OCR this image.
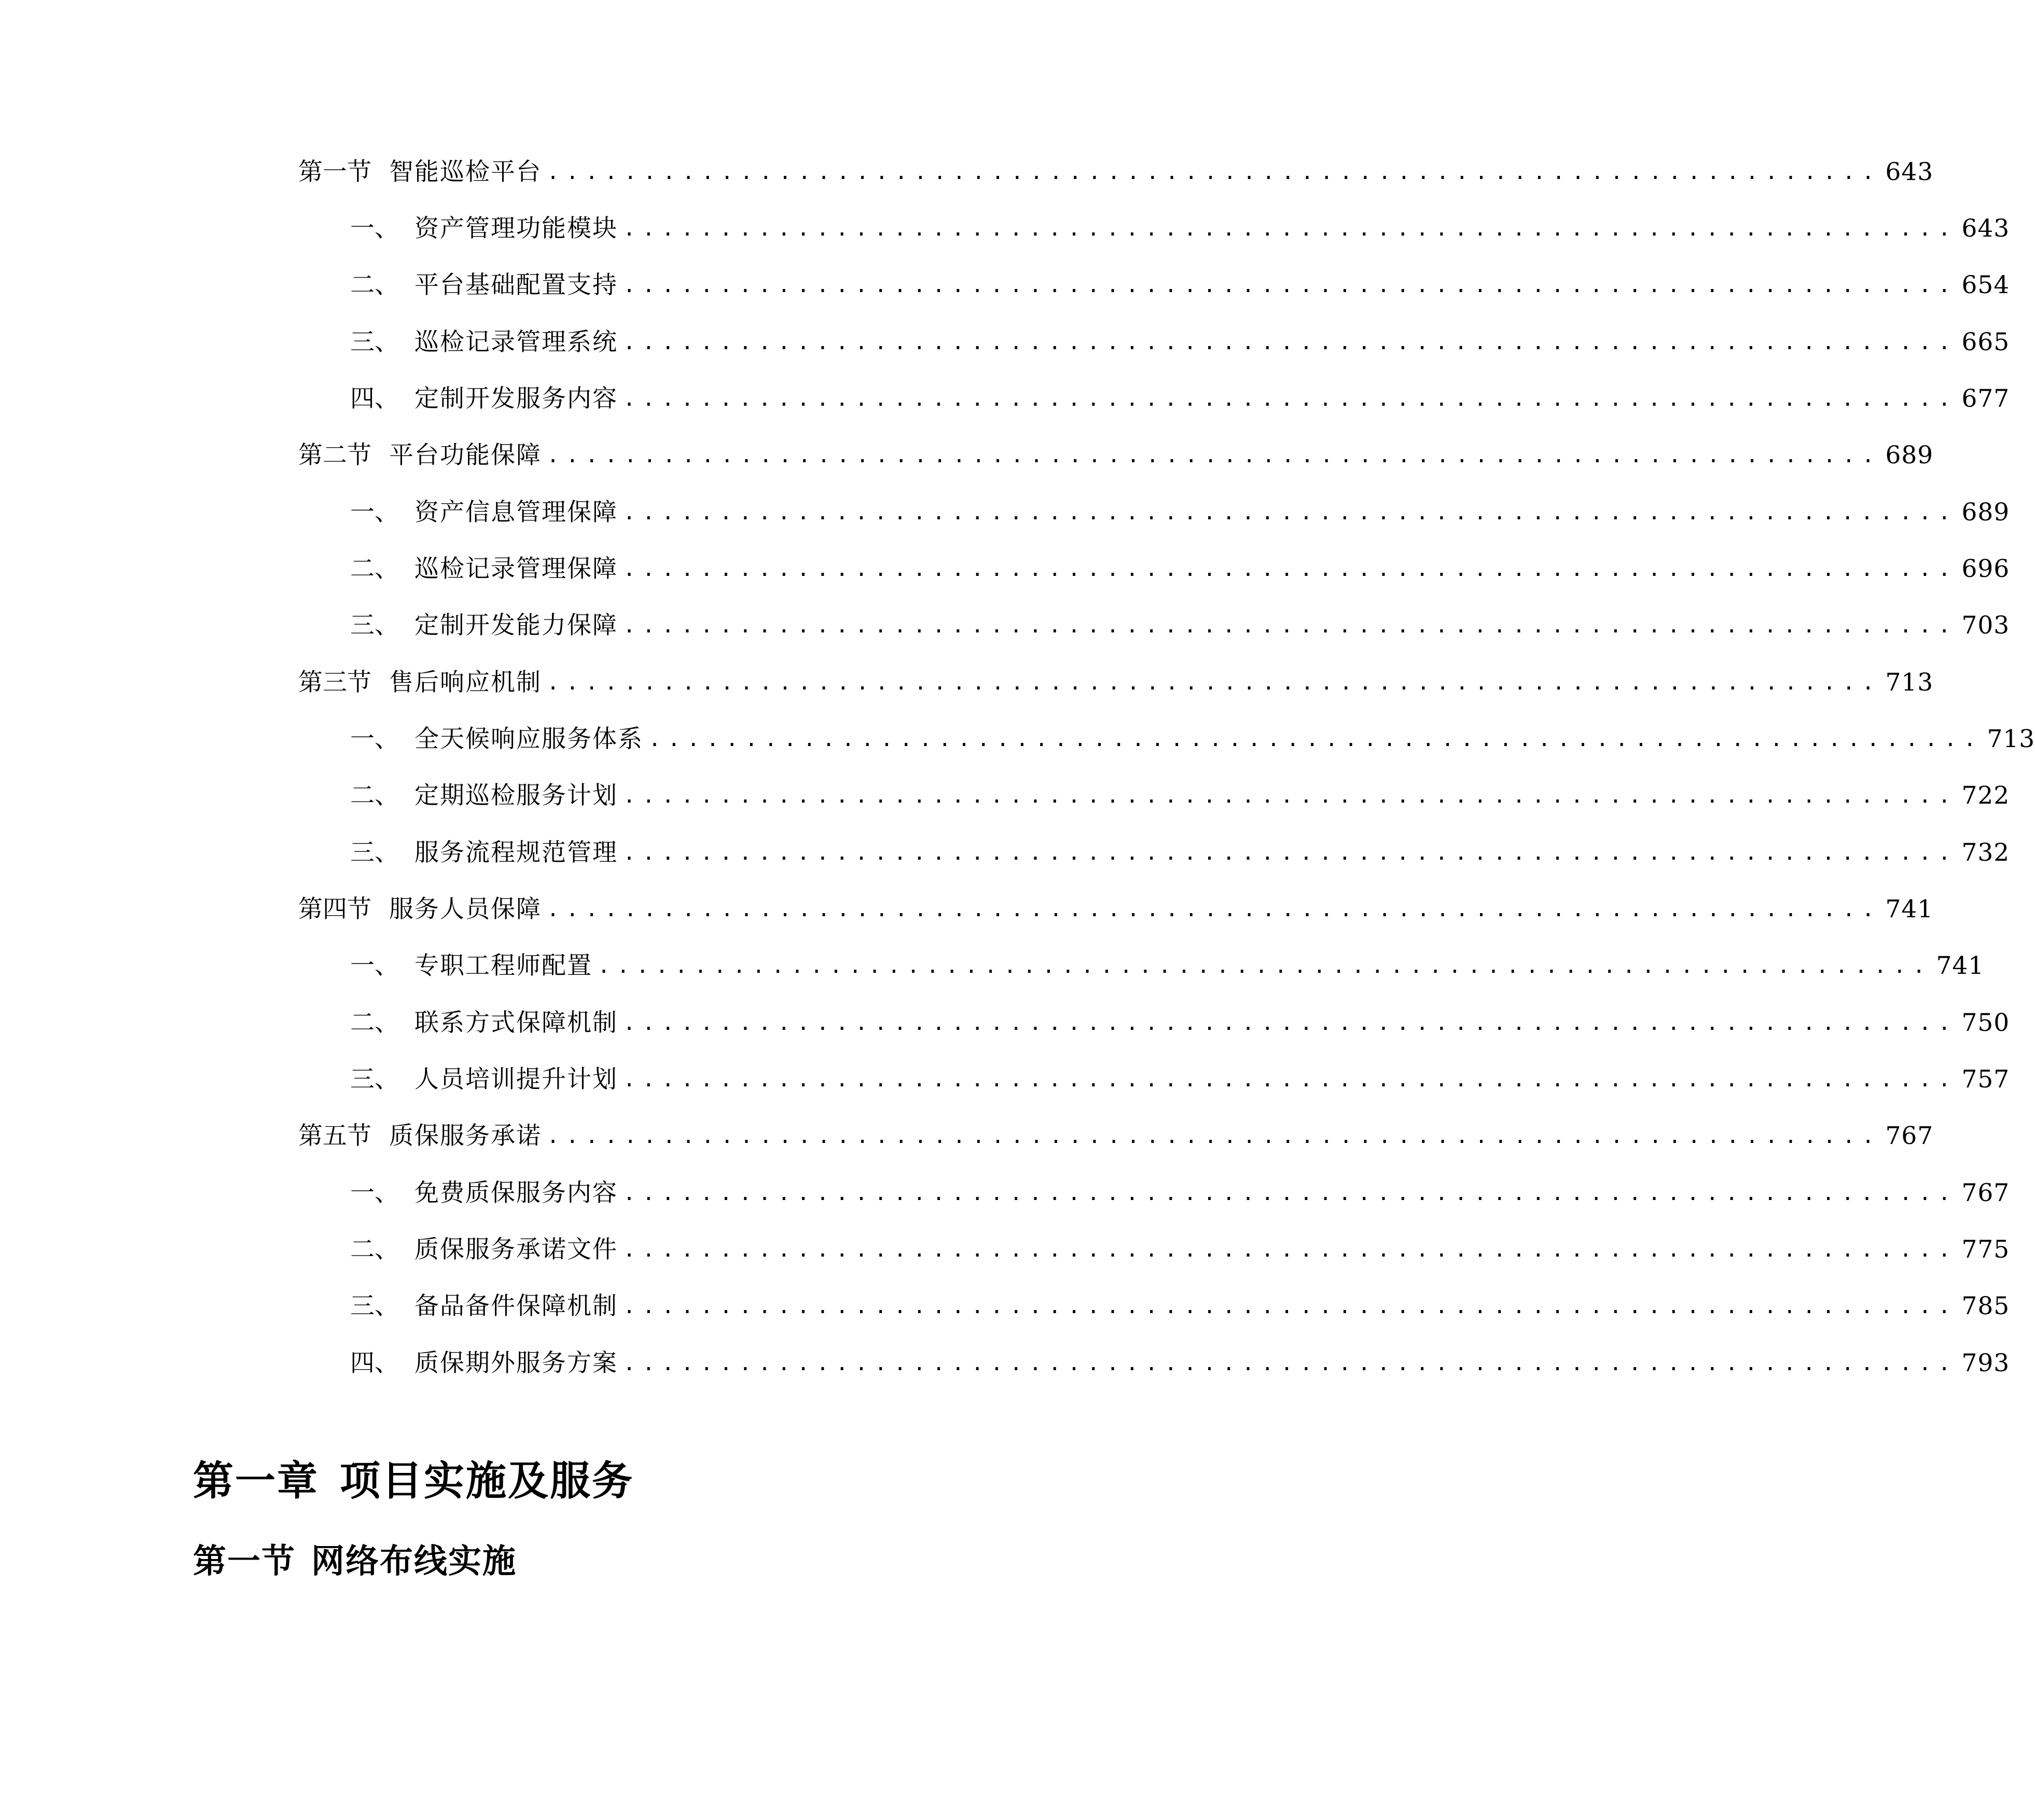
第一节 智能巡检平台 ..................................................................... 643
一、 资产管理功能模块 ..................................................................... 643
二、 平台基础配置支持 ..................................................................... 654
三、 巡检记录管理系统 ..................................................................... 665
四、 定制开发服务内容 ..................................................................... 677
第二节 平台功能保障 ..................................................................... 689
一、 资产信息管理保障 ..................................................................... 689
二、 巡检记录管理保障 ..................................................................... 696
三、 定制开发能力保障 ..................................................................... 703
第三节 售后响应机制 ..................................................................... 713
一、 全天候响应服务体系 ..................................................................... 713
二、 定期巡检服务计划 ..................................................................... 722
三、 服务流程规范管理 ..................................................................... 732
第四节 服务人员保障 ..................................................................... 741
一、 专职工程师配置 ..................................................................... 741
二、 联系方式保障机制 ..................................................................... 750
三、 人员培训提升计划 ..................................................................... 757
第五节 质保服务承诺 ..................................................................... 767
一、 免费质保服务内容 ..................................................................... 767
二、 质保服务承诺文件 ..................................................................... 775
三、 备品备件保障机制 ..................................................................... 785
四、 质保期外服务方案 ..................................................................... 793
第一章 项目实施及服务
第一节 网络布线实施
